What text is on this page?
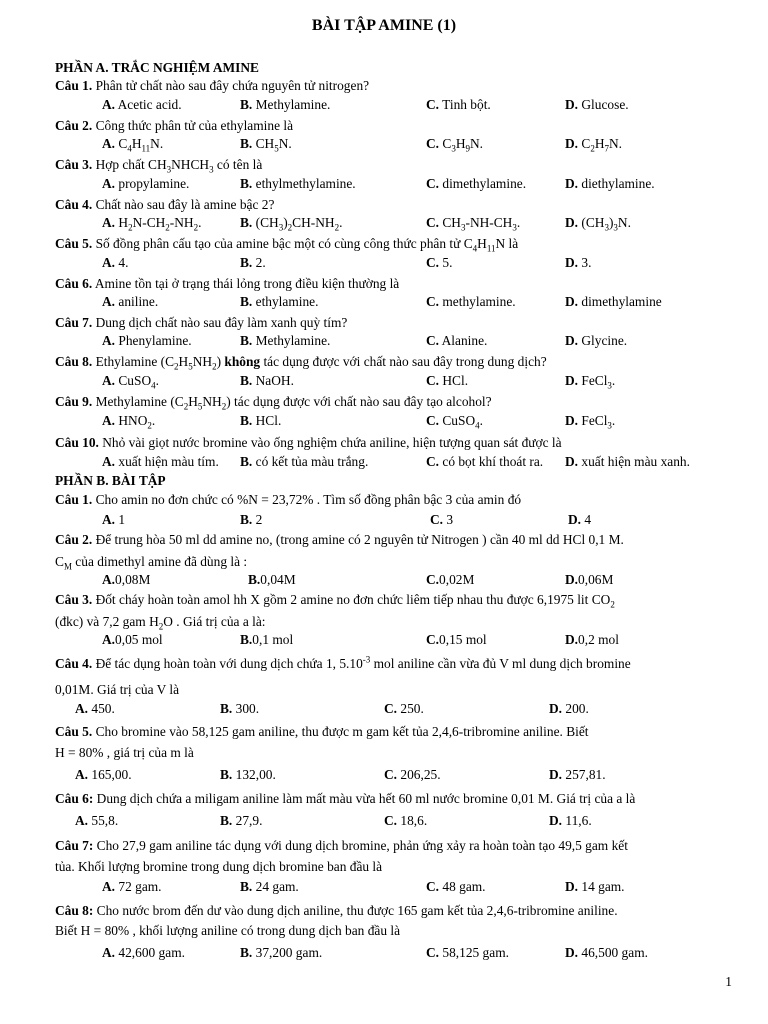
BÀI TẬP AMINE (1)
PHẦN A. TRẮC NGHIỆM AMINE
Câu 1. Phân tử chất nào sau đây chứa nguyên tử nitrogen?
A. Acetic acid.	B. Methylamine.	C. Tinh bột.	D. Glucose.
Câu 2. Công thức phân tử của ethylamine là
A. $C_4H_{11}N$.	B. $CH_5N$.	C. $C_3H_9N$.	D. $C_2H_7N$.
Câu 3. Hợp chất $CH_3NHCH_3$ có tên là
A. propylamine.	B. ethylmethylamine.	C. dimethylamine.	D. diethylamine.
Câu 4. Chất nào sau đây là amine bậc 2?
A. $H_2N-CH_2-NH_2$.	B. $(CH_3)_2CH-NH_2$.	C. $CH_3-NH-CH_3$.	D. $(CH_3)_3N$.
Câu 5. Số đồng phân cấu tạo của amine bậc một có cùng công thức phân tử $C_4H_{11}N$ là
A. 4.	B. 2.	C. 5.	D. 3.
Câu 6. Amine tồn tại ở trạng thái lỏng trong điều kiện thường là
A. aniline.	B. ethylamine.	C. methylamine.	D. dimethylamine
Câu 7. Dung dịch chất nào sau đây làm xanh quỳ tím?
A. Phenylamine.	B. Methylamine.	C. Alanine.	D. Glycine.
Câu 8. Ethylamine $(C_2H_5NH_2)$ không tác dụng được với chất nào sau đây trong dung dịch?
A. CuSO$_4$.	B. NaOH.	C. HCl.	D. FeCl$_3$.
Câu 9. Methylamine $(C_2H_5NH_2)$ tác dụng được với chất nào sau đây tạo alcohol?
A. $HNO_2$.	B. HCl.	C. CuSO$_4$.	D. FeCl$_3$.
Câu 10. Nhỏ vài giọt nước bromine vào ống nghiệm chứa aniline, hiện tượng quan sát được là
A. xuất hiện màu tím. B. có kết tủa màu trắng.	C. có bọt khí thoát ra. D. xuất hiện màu xanh.
PHẦN B. BÀI TẬP
Câu 1. Cho amin no đơn chức có %N = 23,72% . Tìm số đồng phân bậc 3 của amin đó
A. 1	B. 2	C. 3	D. 4
Câu 2. Để trung hòa 50 ml dd amine no, (trong amine có 2 nguyên tử Nitrogen ) cần 40 ml dd HCl 0,1 M.
$C_M$ của dimethyl amine đã dùng là :
A.0,08M	B.0,04M	C.0,02M	D.0,06M
Câu 3. Đốt cháy hoàn toàn amol hh X gồm 2 amine no đơn chức liêm tiếp nhau thu được 6,1975 lit $CO_2$
(đkc) và 7,2 gam $H_2O$ . Giá trị của a là:
A.0,05 mol	B.0,1 mol	C.0,15 mol	D.0,2 mol
Câu 4. Để tác dụng hoàn toàn với dung dịch chứa 1, $5.10^{-3}$ mol aniline cần vừa đủ V ml dung dịch bromine
0,01M. Giá trị của V là
A. 450.	B. 300.	C. 250.	D. 200.
Câu 5. Cho bromine vào 58,125 gam aniline, thu được m gam kết tủa 2,4,6-tribromine aniline. Biết
H = 80% , giá trị của m là
A. 165,00.	B. 132,00.	C. 206,25.	D. 257,81.
Câu 6: Dung dịch chứa a miligam aniline làm mất màu vừa hết 60 ml nước bromine 0,01 M. Giá trị của a là
A. 55,8.	B. 27,9.	C. 18,6.	D. 11,6.
Câu 7: Cho 27,9 gam aniline tác dụng với dung dịch bromine, phản ứng xảy ra hoàn toàn tạo 49,5 gam kết
tủa. Khối lượng bromine trong dung dịch bromine ban đầu là
A. 72 gam.	B. 24 gam.	C. 48 gam.	D. 14 gam.
Câu 8: Cho nước brom đến dư vào dung dịch aniline, thu được 165 gam kết tủa 2,4,6-tribromine aniline.
Biết H = 80% , khối lượng aniline có trong dung dịch ban đầu là
A. 42,600 gam.	B. 37,200 gam.	C. 58,125 gam.	D. 46,500 gam.
1
